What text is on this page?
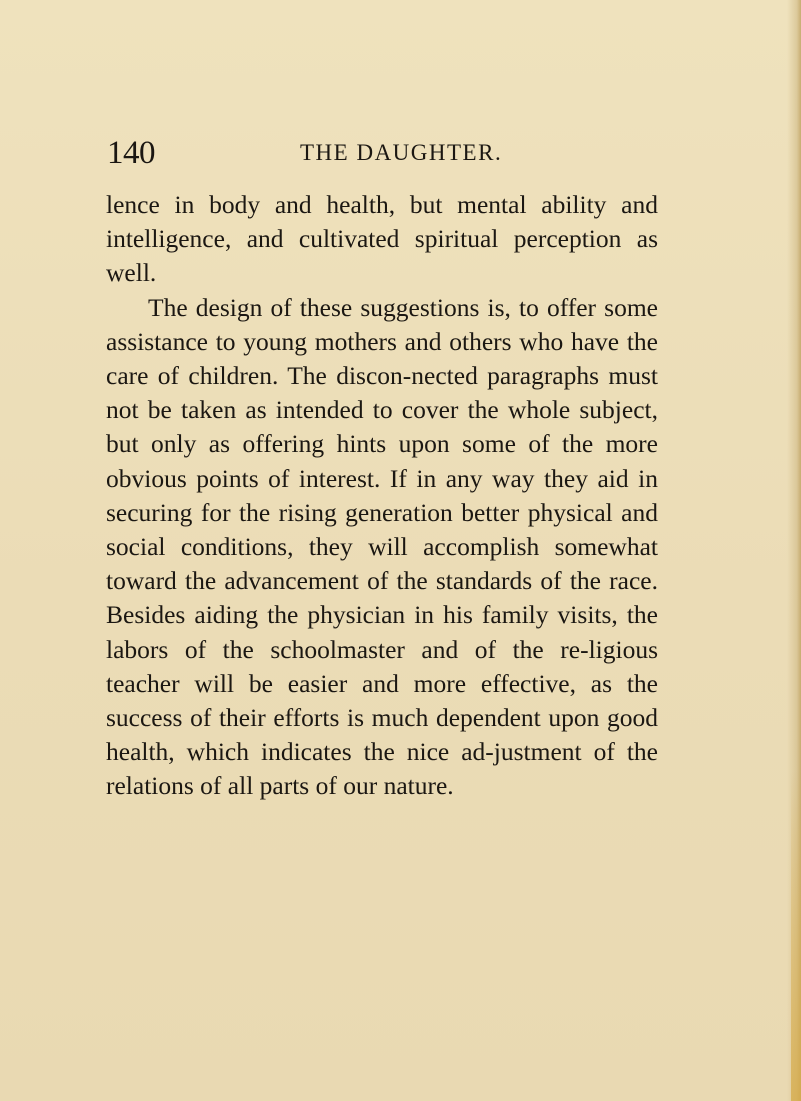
140	THE DAUGHTER.

lence in body and health, but mental ability and intelligence, and cultivated spiritual perception as well.

The design of these suggestions is, to offer some assistance to young mothers and others who have the care of children. The discon-nected paragraphs must not be taken as intended to cover the whole subject, but only as offering hints upon some of the more obvious points of interest. If in any way they aid in securing for the rising generation better physical and social conditions, they will accomplish somewhat toward the advancement of the standards of the race. Besides aiding the physician in his family visits, the labors of the schoolmaster and of the re-ligious teacher will be easier and more effective, as the success of their efforts is much dependent upon good health, which indicates the nice ad-justment of the relations of all parts of our nature.
